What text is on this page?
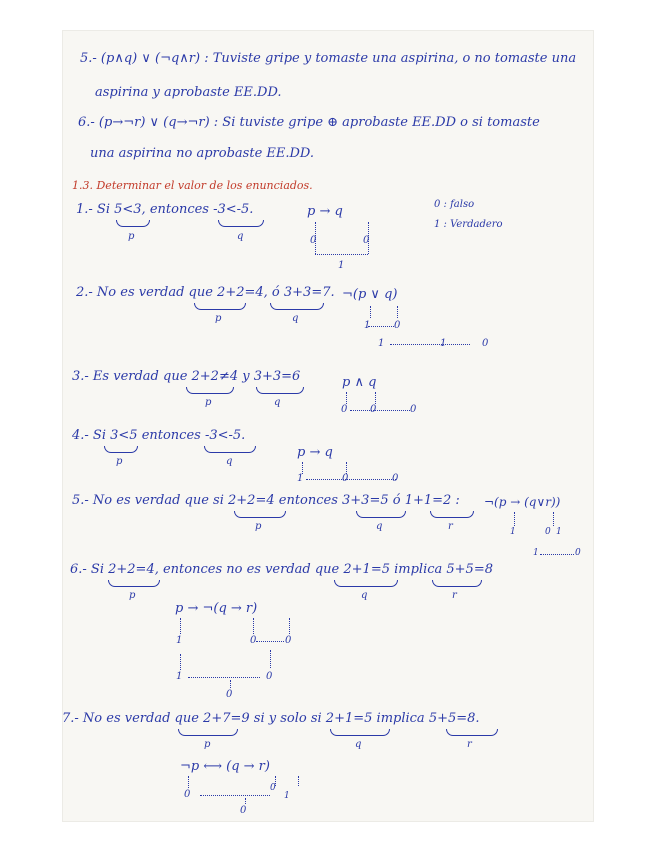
5.- (p∧q) ∨ (¬q∧r) : Tuviste gripe y tomaste una aspirina, o no tomaste una
aspirina y aprobaste EE.DD.
6.- (p→¬r) ∨ (q→¬r) : Si tuviste gripe ⊕ aprobaste EE.DD o si tomaste
una aspirina no aprobaste EE.DD.
1.3. Determinar el valor de los enunciados.
1.- Si 5<3, entonces -3<-5.
p	q
p → q
0	0
1
0 : falso
1 : Verdadero
2.- No es verdad que 2+2=4, ó 3+3=7.
p	q
¬(p ∨ q)
1 0
1	1	0
3.- Es verdad que 2+2≠4 y 3+3=6
p	q
p ∧ q
0 0	0
4.- Si 3<5 entonces -3<-5.
p	q
p → q
1	0	0
5.- No es verdad que si 2+2=4 entonces 3+3=5 ó 1+1=2 :
p	q	r
¬(p → (q∨r))
1	0 1
1	0
6.- Si 2+2=4, entonces no es verdad que 2+1=5 implica 5+5=8
p	q	r
p → ¬(q → r)
1	0	0
1	0
0
7.- No es verdad que 2+7=9 si y solo si 2+1=5 implica 5+5=8.
p	q	r
¬p ⟷ (q → r)
0
0
1
0
